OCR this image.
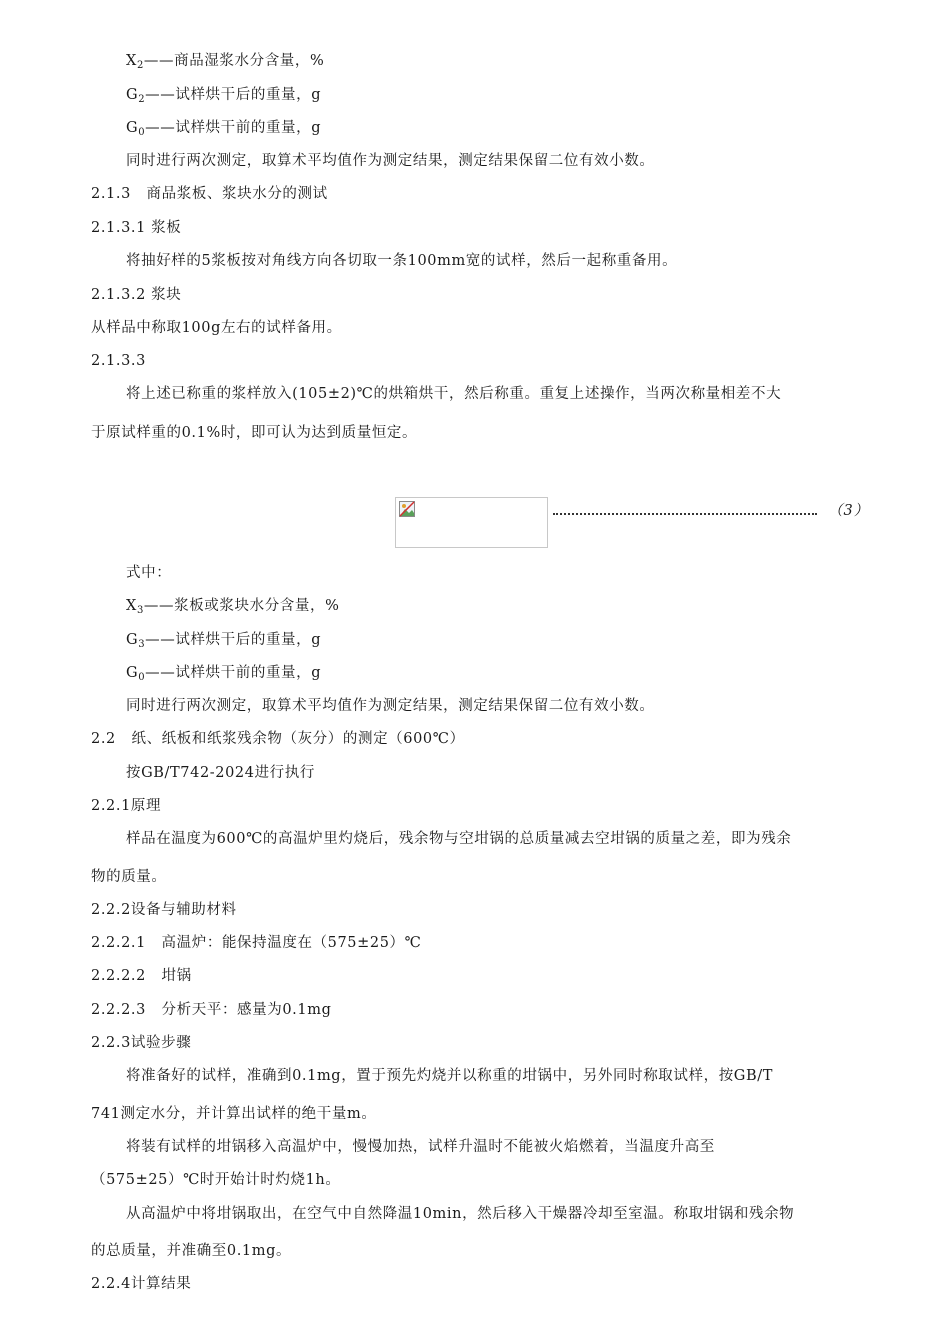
$X_2——$商品湿浆水分含量，%
$G_2——$试样烘干后的重量，g
$G_0——$试样烘干前的重量，g
同时进行两次测定，取算术平均值作为测定结果，测定结果保留二位有效小数。
2.1.3   商品浆板、浆块水分的测试
2.1.3.1 浆板
将抽好样的5浆板按对角线方向各切取一条100mm宽的试样，然后一起称重备用。
2.1.3.2 浆块
从样品中称取100g左右的试样备用。
2.1.3.3
将上述已称重的浆样放入(105±2)℃的烘箱烘干，然后称重。重复上述操作，当两次称量相差不大
于原试样重的0.1%时，即可认为达到质量恒定。
（3）
式中：
$X_3——$浆板或浆块水分含量，%
$G_3——$试样烘干后的重量，g
$G_0——$试样烘干前的重量，g
同时进行两次测定，取算术平均值作为测定结果，测定结果保留二位有效小数。
2.2   纸、纸板和纸浆残余物（灰分）的测定（600℃）
按GB/T742-2024进行执行
2.2.1原理
样品在温度为600℃的高温炉里灼烧后，残余物与空坩锅的总质量减去空坩锅的质量之差，即为残余
物的质量。
2.2.2设备与辅助材料
2.2.2.1   高温炉：能保持温度在（575±25）℃
2.2.2.2   坩锅
2.2.2.3   分析天平：感量为0.1mg
2.2.3试验步骤
将准备好的试样，准确到0.1mg，置于预先灼烧并以称重的坩锅中，另外同时称取试样，按GB/T
741测定水分，并计算出试样的绝干量m。
将装有试样的坩锅移入高温炉中，慢慢加热，试样升温时不能被火焰燃着，当温度升高至
（575±25）℃时开始计时灼烧1h。
从高温炉中将坩锅取出，在空气中自然降温10min，然后移入干燥器冷却至室温。称取坩锅和残余物
的总质量，并准确至0.1mg。
2.2.4计算结果
